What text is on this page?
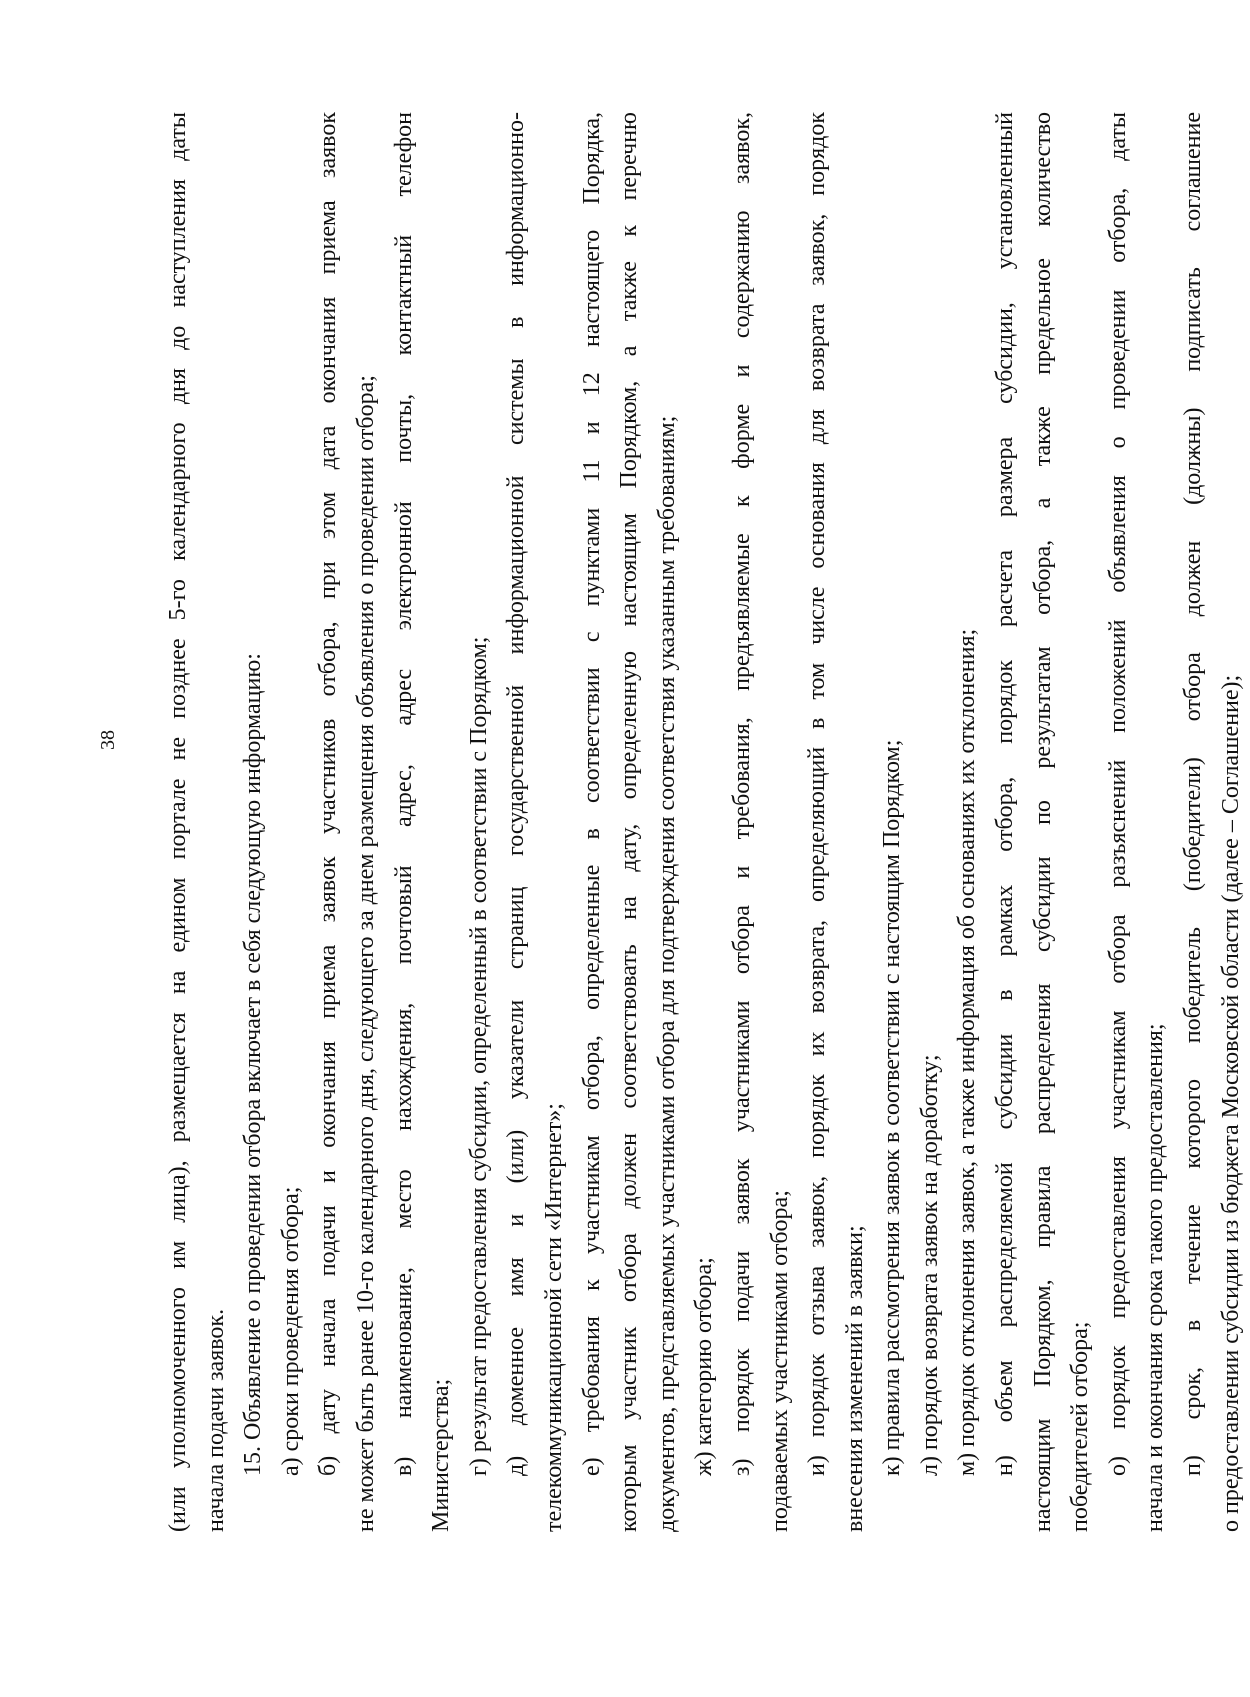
38 (или уполномоченного им лица), размещается на едином портале не позднее 5-го календарного дня до наступления даты начала подачи заявок. 15. Объявление о проведении отбора включает в себя следующую информацию: а) сроки проведения отбора; б) дату начала подачи и окончания приема заявок участников отбора, при этом дата окончания приема заявок не может быть ранее 10-го календарного дня, следующего за днем размещения объявления о проведении отбора; в) наименование, место нахождения, почтовый адрес, адрес электронной почты, контактный телефон Министерства; г) результат предоставления субсидии, определенный в соответствии с Порядком; д) доменное имя и (или) указатели страниц государственной информационной системы в информационно- телекоммуникационной сети «Интернет»; е) требования к участникам отбора, определенные в соответствии с пунктами 11 и 12 настоящего Порядка, которым участник отбора должен соответствовать на дату, определенную настоящим Порядком, а также к перечню документов, представляемых участниками отбора для подтверждения соответствия указанным требованиям; ж) категорию отбора; з) порядок подачи заявок участниками отбора и требования, предъявляемые к форме и содержанию заявок, подаваемых участниками отбора; и) порядок отзыва заявок, порядок их возврата, определяющий в том числе основания для возврата заявок, порядок внесения изменений в заявки; к) правила рассмотрения заявок в соответствии с настоящим Порядком; л) порядок возврата заявок на доработку; м) порядок отклонения заявок, а также информация об основаниях их отклонения; н) объем распределяемой субсидии в рамках отбора, порядок расчета размера субсидии, установленный настоящим Порядком, правила распределения субсидии по результатам отбора, а также предельное количество победителей отбора; о) порядок предоставления участникам отбора разъяснений положений объявления о проведении отбора, даты начала и окончания срока такого предоставления; п) срок, в течение которого победитель (победители) отбора должен (должны) подписать соглашение о предоставлении субсидии из бюджета Московской области (далее – Соглашение);
